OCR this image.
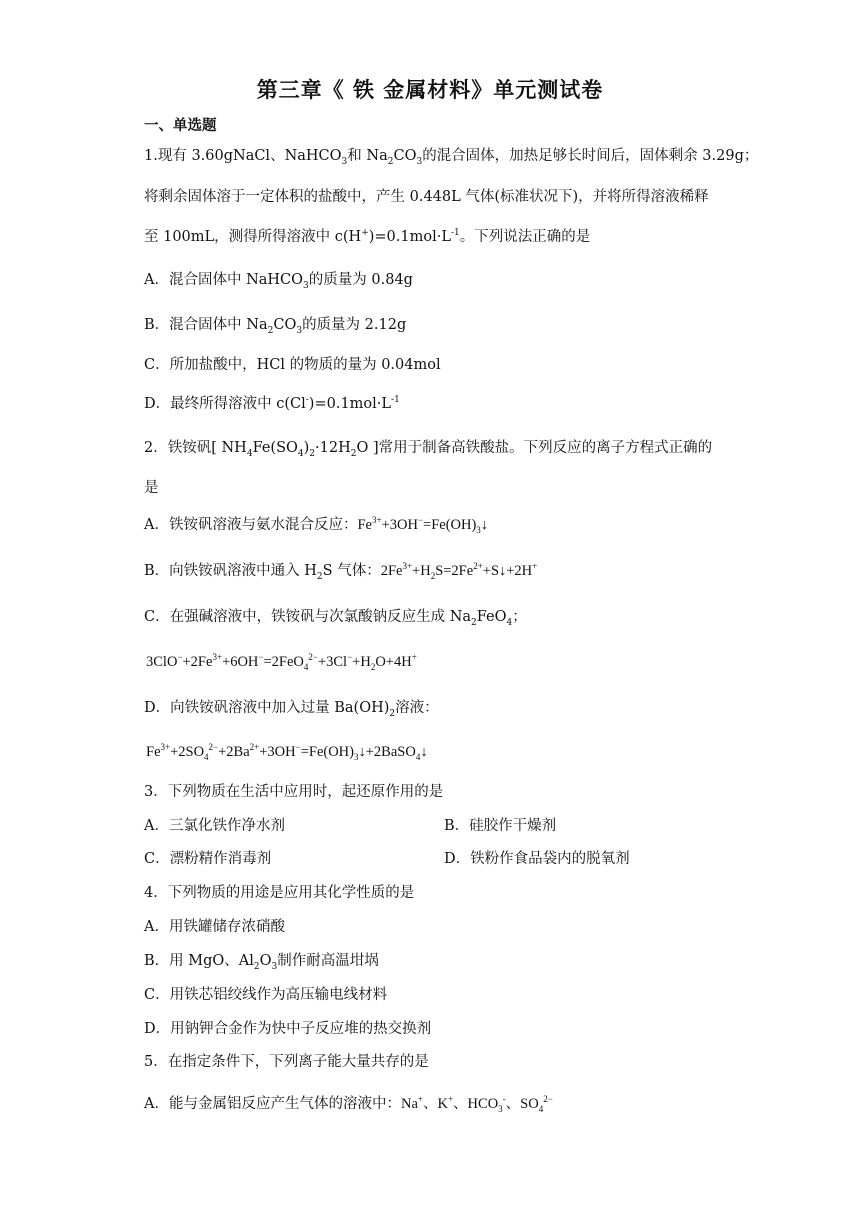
第三章《 铁 金属材料》单元测试卷
一、单选题
1.现有 3.60gNaCl、NaHCO$_3$和 $Na_2CO_3$的混合固体，加热足够长时间后，固体剩余 3.29g；
将剩余固体溶于一定体积的盐酸中，产生 0.448L 气体(标准状况下)，并将所得溶液稀释
至 100mL，测得所得溶液中 $c(H^+)=0.1mol\cdot L^{-1}$。下列说法正确的是
A．混合固体中 NaHCO$_3$的质量为 0.84g
B．混合固体中 $Na_2CO_3$的质量为 2.12g
C．所加盐酸中，HCl 的物质的量为 0.04mol
D．最终所得溶液中 $c(Cl^-)=0.1mol\cdot L^{-1}$
2．铁铵矾[ $NH_4Fe(SO_4)_2\cdot 12H_2O$ ]常用于制备高铁酸盐。下列反应的离子方程式正确的
是
A．铁铵矾溶液与氨水混合反应：$Fe^{3+}+3OH^-=Fe(OH)_3↓$
B．向铁铵矾溶液中通入 $H_2S$ 气体：$2Fe^{3+}+H_2S=2Fe^{2+}+S↓+2H^+$
C．在强碱溶液中，铁铵矾与次氯酸钠反应生成 $Na_2FeO_4$；
$3ClO^-+2Fe^{3+}+6OH^-=2FeO_4^{2-}+3Cl^-+H_2O+4H^+$
D．向铁铵矾溶液中加入过量 $Ba(OH)_2$溶液：
$Fe^{3+}+2SO_4^{2-}+2Ba^{2+}+3OH^-=Fe(OH)_3↓+2BaSO_4↓$
3．下列物质在生活中应用时，起还原作用的是
A．三氯化铁作净水剂	B．硅胶作干燥剂
C．漂粉精作消毒剂	D．铁粉作食品袋内的脱氧剂
4．下列物质的用途是应用其化学性质的是
A．用铁罐储存浓硝酸
B．用 MgO、$Al_2O_3$制作耐高温坩埚
C．用铁芯铝绞线作为高压输电线材料
D．用钠钾合金作为快中子反应堆的热交换剂
5．在指定条件下，下列离子能大量共存的是
A．能与金属铝反应产生气体的溶液中：Na+、K+、$HCO_3^-$、$SO_4^{2-}$
